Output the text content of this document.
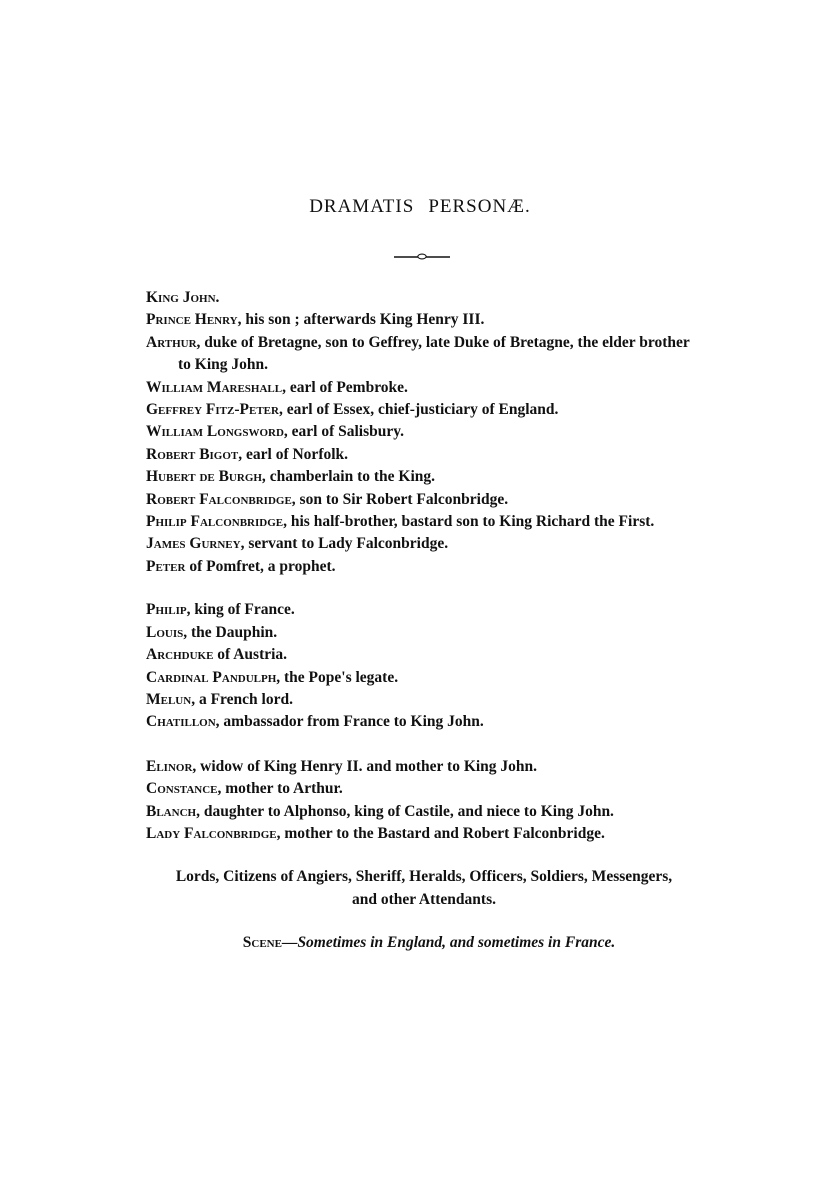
DRAMATIS PERSONÆ.
King John.
Prince Henry, his son ; afterwards King Henry III.
Arthur, duke of Bretagne, son to Geffrey, late Duke of Bretagne, the elder brother to King John.
William Mareshall, earl of Pembroke.
Geffrey Fitz-Peter, earl of Essex, chief-justiciary of England.
William Longsword, earl of Salisbury.
Robert Bigot, earl of Norfolk.
Hubert de Burgh, chamberlain to the King.
Robert Falconbridge, son to Sir Robert Falconbridge.
Philip Falconbridge, his half-brother, bastard son to King Richard the First.
James Gurney, servant to Lady Falconbridge.
Peter of Pomfret, a prophet.
Philip, king of France.
Louis, the Dauphin.
Archduke of Austria.
Cardinal Pandulph, the Pope's legate.
Melun, a French lord.
Chatillon, ambassador from France to King John.
Elinor, widow of King Henry II. and mother to King John.
Constance, mother to Arthur.
Blanch, daughter to Alphonso, king of Castile, and niece to King John.
Lady Falconbridge, mother to the Bastard and Robert Falconbridge.
Lords, Citizens of Angiers, Sheriff, Heralds, Officers, Soldiers, Messengers,
and other Attendants.
Scene—Sometimes in England, and sometimes in France.
